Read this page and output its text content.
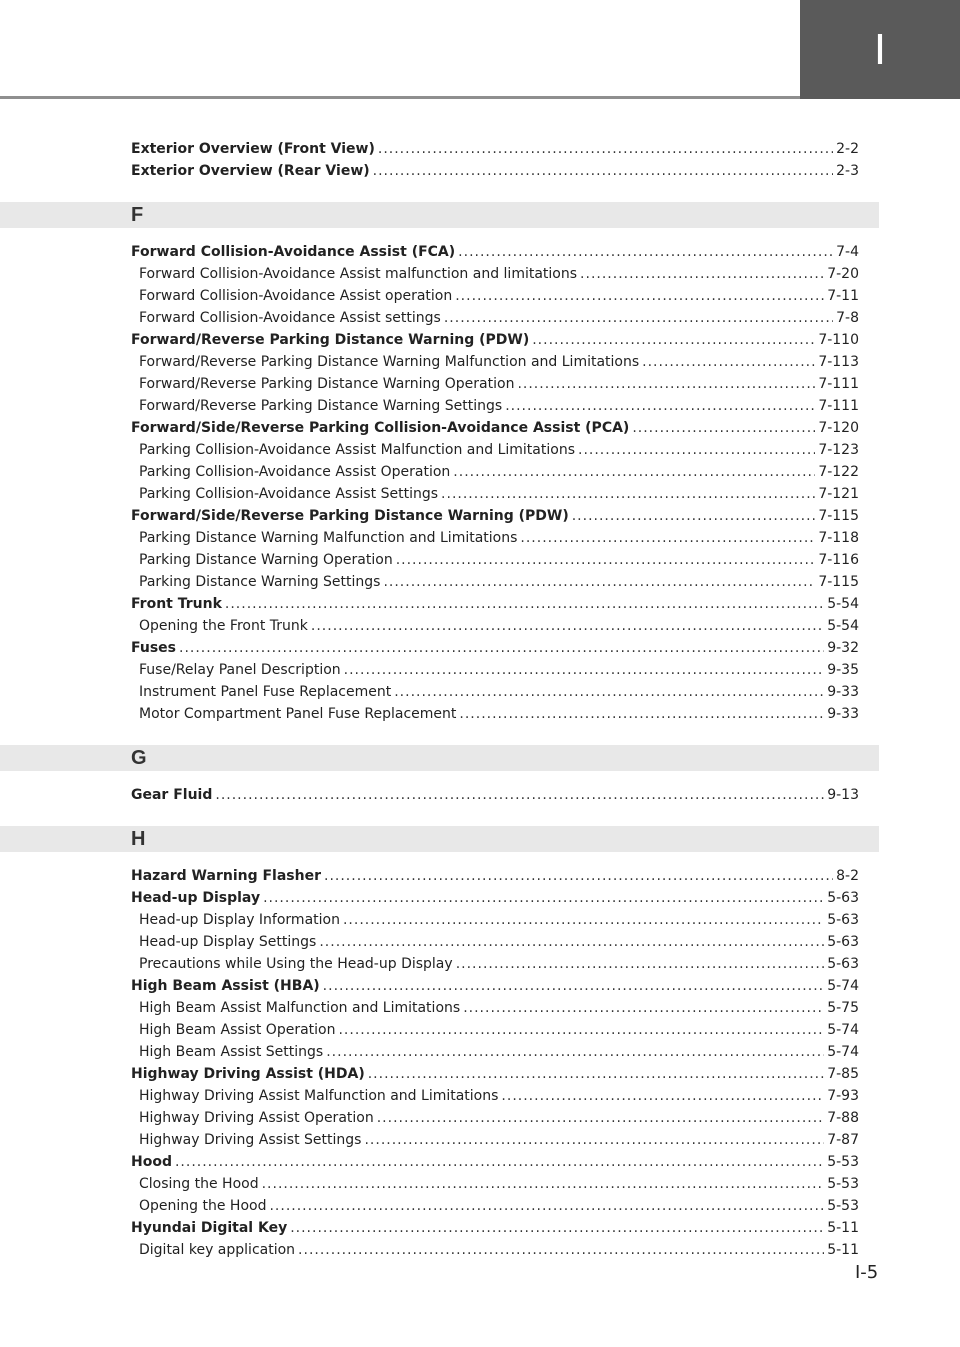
I
Exterior Overview (Front View) .....	2-2
Exterior Overview (Rear View) .....	2-3
F
Forward Collision-Avoidance Assist (FCA) .....	7-4
Forward Collision-Avoidance Assist malfunction and limitations .....	7-20
Forward Collision-Avoidance Assist operation .....	7-11
Forward Collision-Avoidance Assist settings .....	7-8
Forward/Reverse Parking Distance Warning (PDW) .....	7-110
Forward/Reverse Parking Distance Warning Malfunction and Limitations .....	7-113
Forward/Reverse Parking Distance Warning Operation .....	7-111
Forward/Reverse Parking Distance Warning Settings .....	7-111
Forward/Side/Reverse Parking Collision-Avoidance Assist (PCA) .....	7-120
Parking Collision-Avoidance Assist Malfunction and Limitations .....	7-123
Parking Collision-Avoidance Assist Operation .....	7-122
Parking Collision-Avoidance Assist Settings .....	7-121
Forward/Side/Reverse Parking Distance Warning (PDW) .....	7-115
Parking Distance Warning Malfunction and Limitations .....	7-118
Parking Distance Warning Operation .....	7-116
Parking Distance Warning Settings .....	7-115
Front Trunk .....	5-54
Opening the Front Trunk .....	5-54
Fuses .....	9-32
Fuse/Relay Panel Description .....	9-35
Instrument Panel Fuse Replacement .....	9-33
Motor Compartment Panel Fuse Replacement .....	9-33
G
Gear Fluid .....	9-13
H
Hazard Warning Flasher .....	8-2
Head-up Display .....	5-63
Head-up Display Information .....	5-63
Head-up Display Settings .....	5-63
Precautions while Using the Head-up Display .....	5-63
High Beam Assist (HBA) .....	5-74
High Beam Assist Malfunction and Limitations .....	5-75
High Beam Assist Operation .....	5-74
High Beam Assist Settings .....	5-74
Highway Driving Assist (HDA) .....	7-85
Highway Driving Assist Malfunction and Limitations .....	7-93
Highway Driving Assist Operation .....	7-88
Highway Driving Assist Settings .....	7-87
Hood .....	5-53
Closing the Hood .....	5-53
Opening the Hood .....	5-53
Hyundai Digital Key .....	5-11
Digital key application .....	5-11
I-5
